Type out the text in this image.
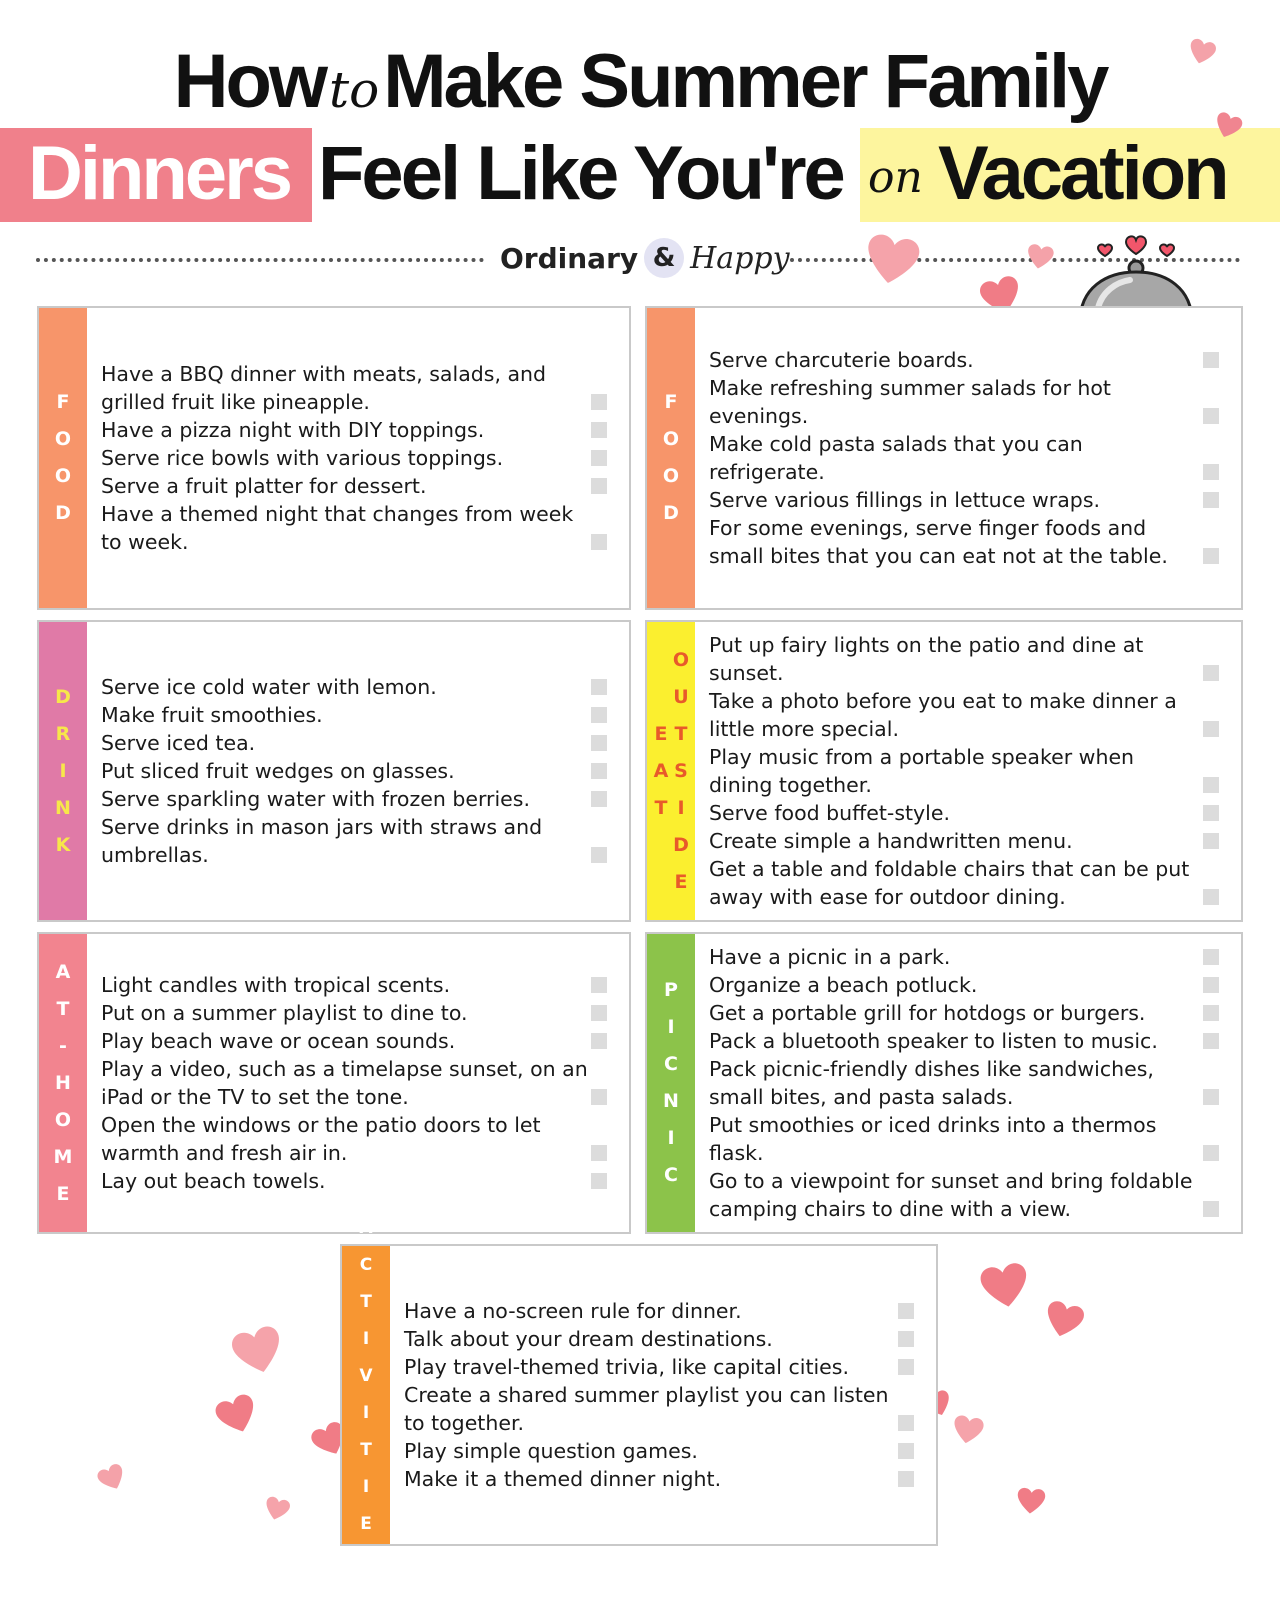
HowtoMake Summer Family
Dinners Feel Like You're on Vacation
Ordinary & Happy
F
O
O
D
Have a BBQ dinner with meats, salads, and grilled fruit like pineapple.
Have a pizza night with DIY toppings.
Serve rice bowls with various toppings.
Serve a fruit platter for dessert.
Have a themed night that changes from week to week.
F
O
O
D
Serve charcuterie boards.
Make refreshing summer salads for hot evenings.
Make cold pasta salads that you can refrigerate.
Serve various fillings in lettuce wraps.
For some evenings, serve finger foods and small bites that you can eat not at the table.
D
R
I
N
K
Serve ice cold water with lemon.
Make fruit smoothies.
Serve iced tea.
Put sliced fruit wedges on glasses.
Serve sparkling water with frozen berries.
Serve drinks in mason jars with straws and umbrellas.
E
A
T
O
U
T
S
I
D
E
Put up fairy lights on the patio and dine at sunset.
Take a photo before you eat to make dinner a little more special.
Play music from a portable speaker when dining together.
Serve food buffet-style.
Create simple a handwritten menu.
Get a table and foldable chairs that can be put away with ease for outdoor dining.
A
T
-
H
O
M
E
Light candles with tropical scents.
Put on a summer playlist to dine to.
Play beach wave or ocean sounds.
Play a video, such as a timelapse sunset, on an iPad or the TV to set the tone.
Open the windows or the patio doors to let warmth and fresh air in.
Lay out beach towels.
P
I
C
N
I
C
Have a picnic in a park.
Organize a beach potluck.
Get a portable grill for hotdogs or burgers.
Pack a bluetooth speaker to listen to music.
Pack picnic-friendly dishes like sandwiches, small bites, and pasta salads.
Put smoothies or iced drinks into a thermos flask.
Go to a viewpoint for sunset and bring foldable camping chairs to dine with a view.
A
C
T
I
V
I
T
I
E
S
Have a no-screen rule for dinner.
Talk about your dream destinations.
Play travel-themed trivia, like capital cities.
Create a shared summer playlist you can listen to together.
Play simple question games.
Make it a themed dinner night.
